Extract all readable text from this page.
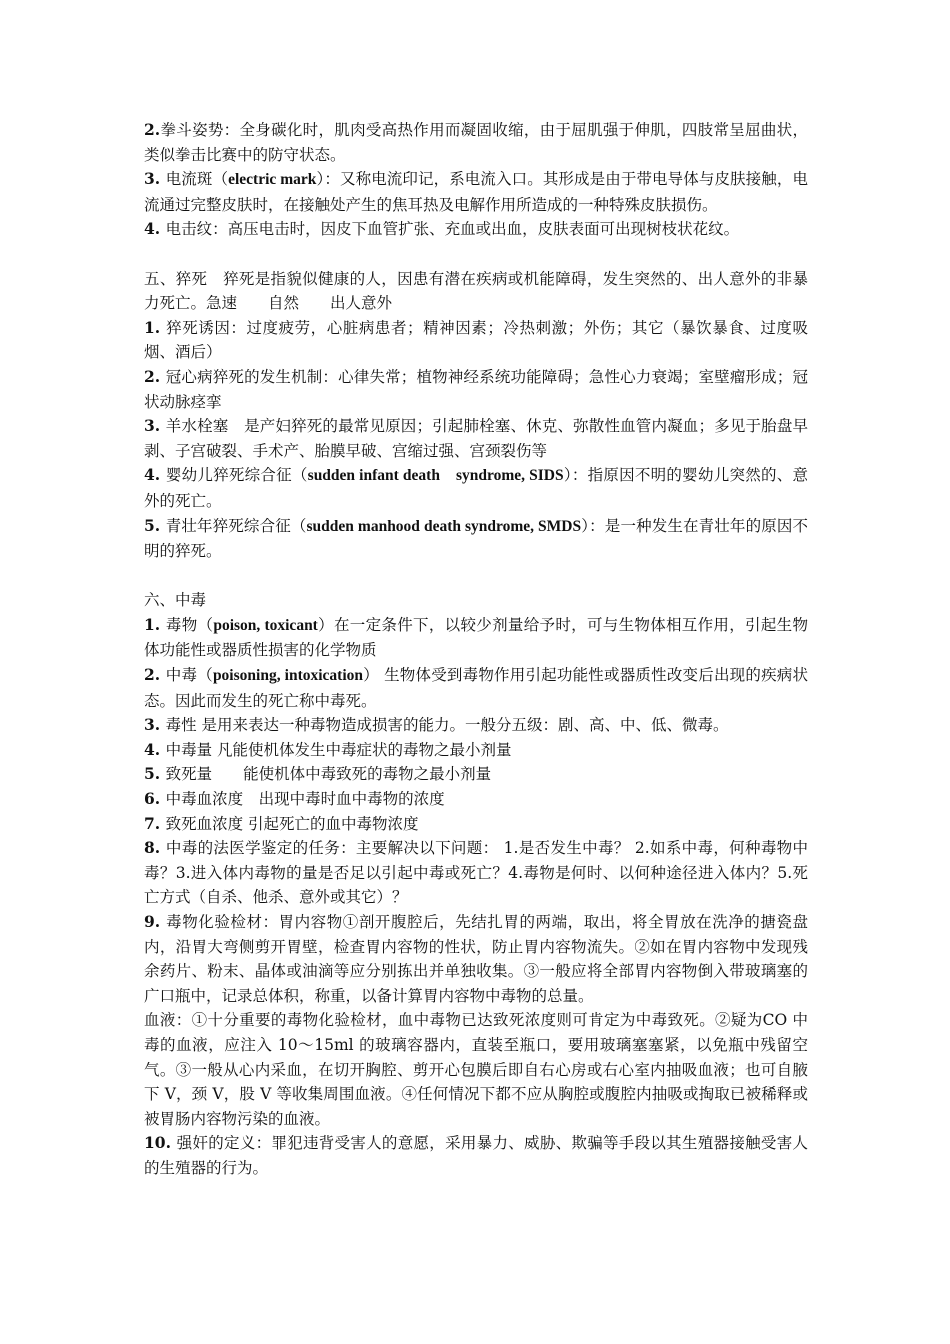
2.拳斗姿势：全身碳化时，肌肉受高热作用而凝固收缩，由于屈肌强于伸肌，四肢常呈屈曲状，类似拳击比赛中的防守状态。

3. 电流斑（electric mark）：又称电流印记，系电流入口。其形成是由于带电导体与皮肤接触，电流通过完整皮肤时，在接触处产生的焦耳热及电解作用所造成的一种特殊皮肤损伤。

4. 电击纹：高压电击时，因皮下血管扩张、充血或出血，皮肤表面可出现树枝状花纹。

五、猝死　猝死是指貌似健康的人，因患有潜在疾病或机能障碍，发生突然的、出人意外的非暴力死亡。急速　　自然　　出人意外

1. 猝死诱因：过度疲劳，心脏病患者；精神因素；冷热刺激；外伤；其它（暴饮暴食、过度吸烟、酒后）

2. 冠心病猝死的发生机制：心律失常；植物神经系统功能障碍；急性心力衰竭；室壁瘤形成；冠状动脉痉挛

3. 羊水栓塞　是产妇猝死的最常见原因；引起肺栓塞、休克、弥散性血管内凝血；多见于胎盘早剥、子宫破裂、手术产、胎膜早破、宫缩过强、宫颈裂伤等

4. 婴幼儿猝死综合征（sudden infant death　syndrome, SIDS）：指原因不明的婴幼儿突然的、意外的死亡。

5. 青壮年猝死综合征（sudden manhood death syndrome, SMDS）：是一种发生在青壮年的原因不明的猝死。

六、中毒

1. 毒物（poison, toxicant）在一定条件下，以较少剂量给予时，可与生物体相互作用，引起生物体功能性或器质性损害的化学物质

2. 中毒（poisoning, intoxication） 生物体受到毒物作用引起功能性或器质性改变后出现的疾病状态。因此而发生的死亡称中毒死。

3. 毒性 是用来表达一种毒物造成损害的能力。一般分五级：剧、高、中、低、微毒。

4. 中毒量 凡能使机体发生中毒症状的毒物之最小剂量

5. 致死量　　能使机体中毒致死的毒物之最小剂量

6. 中毒血浓度　出现中毒时血中毒物的浓度

7. 致死血浓度 引起死亡的血中毒物浓度

8. 中毒的法医学鉴定的任务：主要解决以下问题： 1.是否发生中毒？ 2.如系中毒，何种毒物中毒？3.进入体内毒物的量是否足以引起中毒或死亡？4.毒物是何时、以何种途径进入体内？5.死亡方式（自杀、他杀、意外或其它）？

9. 毒物化验检材：胃内容物①剖开腹腔后，先结扎胃的两端，取出，将全胃放在洗净的搪瓷盘内，沿胃大弯侧剪开胃壁，检查胃内容物的性状，防止胃内容物流失。②如在胃内容物中发现残余药片、粉末、晶体或油滴等应分别拣出并单独收集。③一般应将全部胃内容物倒入带玻璃塞的广口瓶中，记录总体积，称重，以备计算胃内容物中毒物的总量。

血液：①十分重要的毒物化验检材，血中毒物已达致死浓度则可肯定为中毒致死。②疑为CO 中毒的血液，应注入 10～15ml 的玻璃容器内，直装至瓶口，要用玻璃塞塞紧，以免瓶中残留空气。③一般从心内采血，在切开胸腔、剪开心包膜后即自右心房或右心室内抽吸血液；也可自腋下 V，颈 V，股 V 等收集周围血液。④任何情况下都不应从胸腔或腹腔内抽吸或掏取已被稀释或被胃肠内容物污染的血液。

10. 强奸的定义：罪犯违背受害人的意愿，采用暴力、威胁、欺骗等手段以其生殖器接触受害人的生殖器的行为。
